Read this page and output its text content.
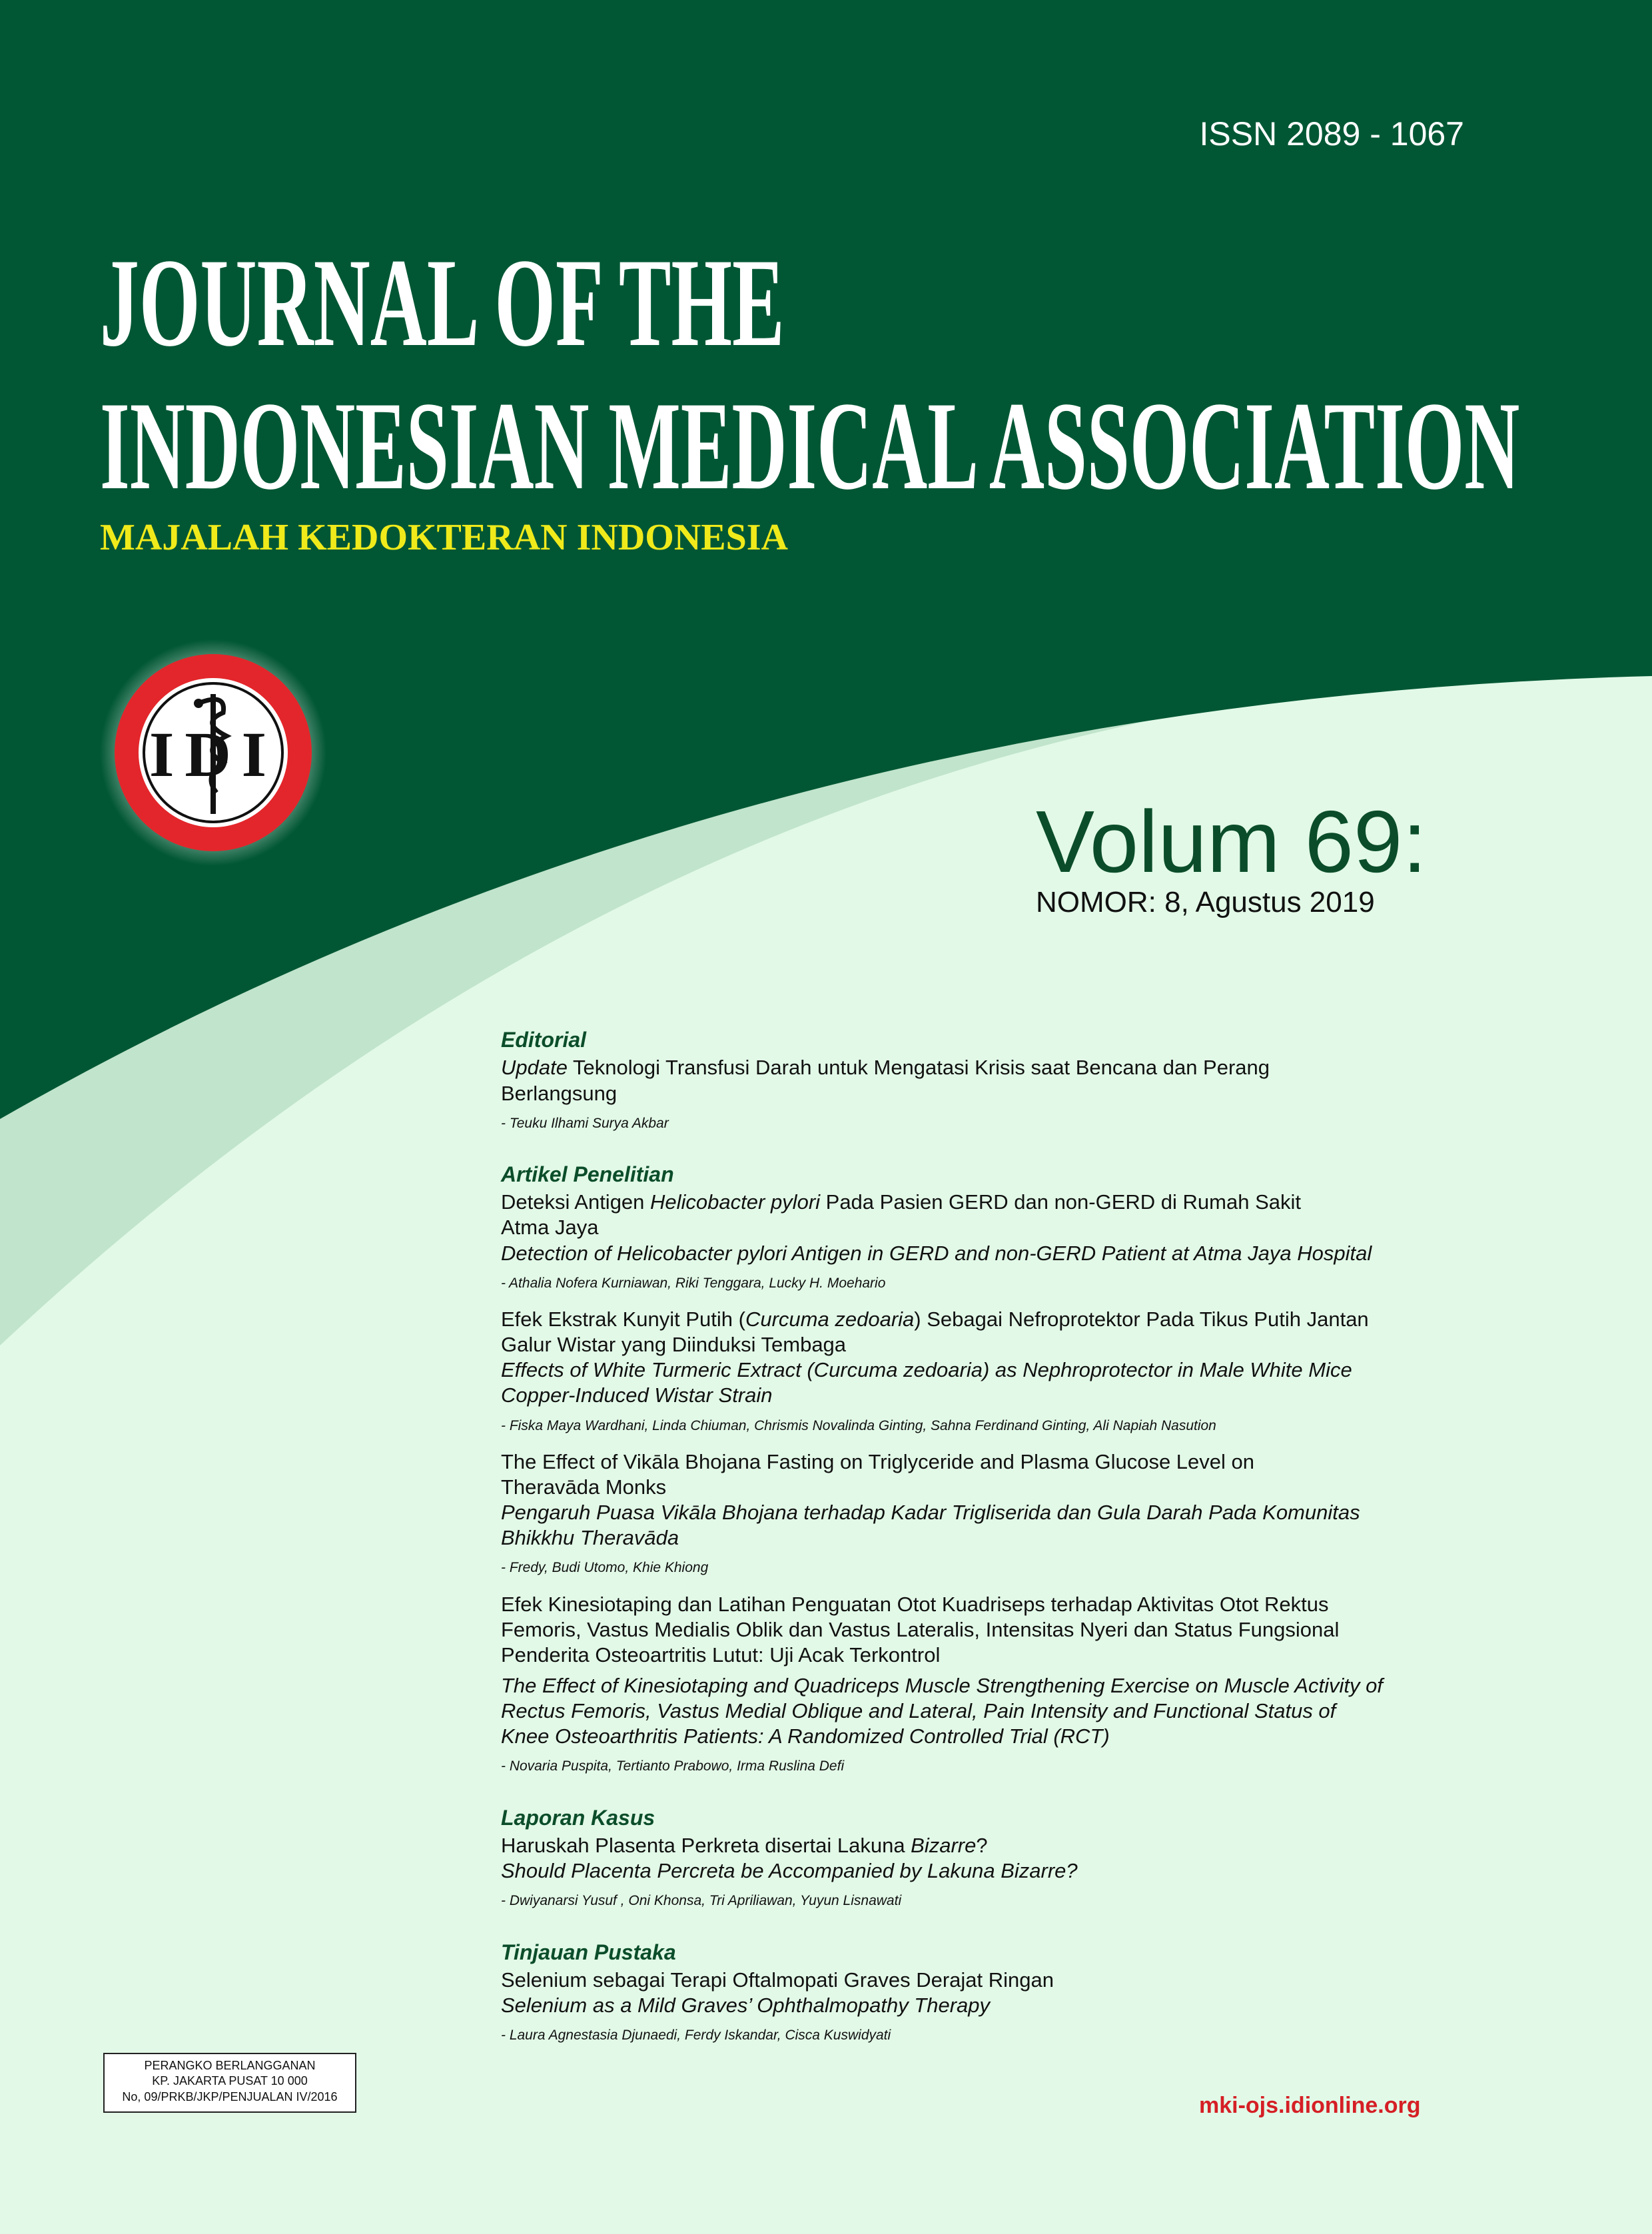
ISSN 2089 - 1067
JOURNAL OF THE
INDONESIAN MEDICAL ASSOCIATION
MAJALAH KEDOKTERAN INDONESIA
IDI
Volum 69:
NOMOR: 8, Agustus 2019
Editorial
Update Teknologi Transfusi Darah untuk Mengatasi Krisis saat Bencana dan Perang
Berlangsung
- Teuku Ilhami Surya Akbar
Artikel Penelitian
Deteksi Antigen Helicobacter pylori Pada Pasien GERD dan non-GERD di Rumah Sakit
Atma Jaya
Detection of Helicobacter pylori Antigen in GERD and non-GERD Patient at Atma Jaya Hospital
- Athalia Nofera Kurniawan, Riki Tenggara, Lucky H. Moehario
Efek Ekstrak Kunyit Putih (Curcuma zedoaria) Sebagai Nefroprotektor Pada Tikus Putih Jantan
Galur Wistar yang Diinduksi Tembaga
Effects of White Turmeric Extract (Curcuma zedoaria) as Nephroprotector in Male White Mice
Copper-Induced Wistar Strain
- Fiska Maya Wardhani, Linda Chiuman, Chrismis Novalinda Ginting, Sahna Ferdinand Ginting, Ali Napiah Nasution
The Effect of Vikāla Bhojana Fasting on Triglyceride and Plasma Glucose Level on
Theravāda Monks
Pengaruh Puasa Vikāla Bhojana terhadap Kadar Trigliserida dan Gula Darah Pada Komunitas
Bhikkhu Theravāda
- Fredy, Budi Utomo, Khie Khiong
Efek Kinesiotaping dan Latihan Penguatan Otot Kuadriseps terhadap Aktivitas Otot Rektus
Femoris, Vastus Medialis Oblik dan Vastus Lateralis, Intensitas Nyeri dan Status Fungsional
Penderita Osteoartritis Lutut: Uji Acak Terkontrol
The Effect of Kinesiotaping and Quadriceps Muscle Strengthening Exercise on Muscle Activity of
Rectus Femoris, Vastus Medial Oblique and Lateral, Pain Intensity and Functional Status of
Knee Osteoarthritis Patients: A Randomized Controlled Trial (RCT)
- Novaria Puspita, Tertianto Prabowo, Irma Ruslina Defi
Laporan Kasus
Haruskah Plasenta Perkreta disertai Lakuna Bizarre?
Should Placenta Percreta be Accompanied by Lakuna Bizarre?
- Dwiyanarsi Yusuf , Oni Khonsa, Tri Apriliawan, Yuyun Lisnawati
Tinjauan Pustaka
Selenium sebagai Terapi Oftalmopati Graves Derajat Ringan
Selenium as a Mild Graves’ Ophthalmopathy Therapy
- Laura Agnestasia Djunaedi, Ferdy Iskandar, Cisca Kuswidyati
PERANGKO BERLANGGANAN
KP. JAKARTA PUSAT 10 000
No, 09/PRKB/JKP/PENJUALAN IV/2016	mki-ojs.idionline.org
